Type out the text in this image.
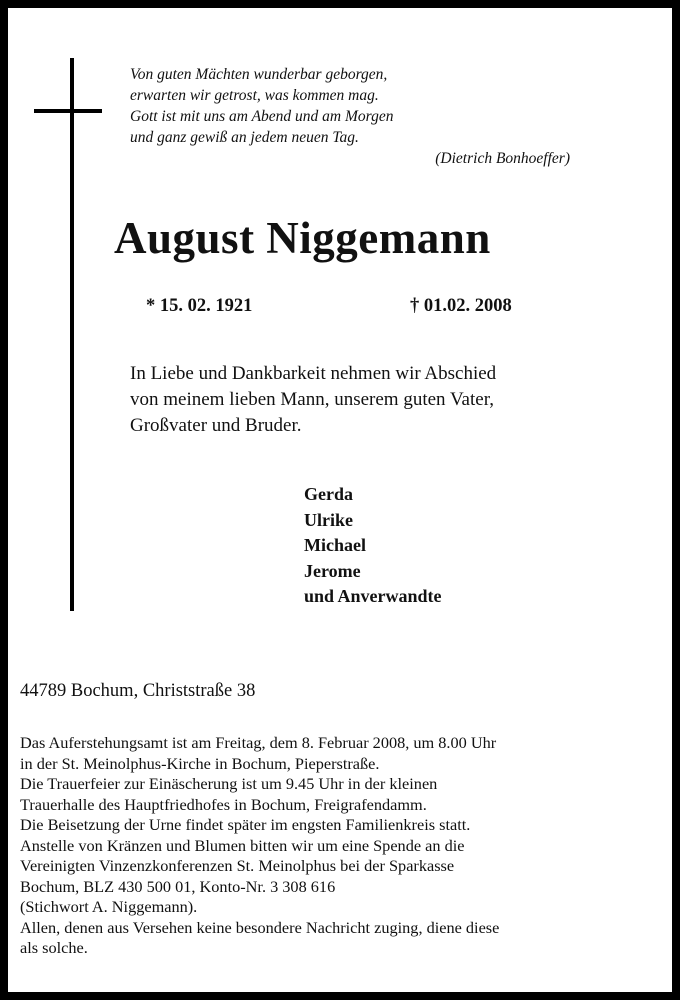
Von guten Mächten wunderbar geborgen,
erwarten wir getrost, was kommen mag.
Gott ist mit uns am Abend und am Morgen
und ganz gewiß an jedem neuen Tag.
(Dietrich Bonhoeffer)
August Niggemann
* 15. 02. 1921	† 01.02. 2008
In Liebe und Dankbarkeit nehmen wir Abschied
von meinem lieben Mann, unserem guten Vater,
Großvater und Bruder.
Gerda
Ulrike
Michael
Jerome
und Anverwandte
44789 Bochum, Christstraße 38
Das Auferstehungsamt ist am Freitag, dem 8. Februar 2008, um 8.00 Uhr
in der St. Meinolphus-Kirche in Bochum, Pieperstraße.
Die Trauerfeier zur Einäscherung ist um 9.45 Uhr in der kleinen
Trauerhalle des Hauptfriedhofes in Bochum, Freigrafendamm.
Die Beisetzung der Urne findet später im engsten Familienkreis statt.
Anstelle von Kränzen und Blumen bitten wir um eine Spende an die
Vereinigten Vinzenzkonferenzen St. Meinolphus bei der Sparkasse
Bochum, BLZ 430 500 01, Konto-Nr. 3 308 616
(Stichwort A. Niggemann).
Allen, denen aus Versehen keine besondere Nachricht zuging, diene diese
als solche.
